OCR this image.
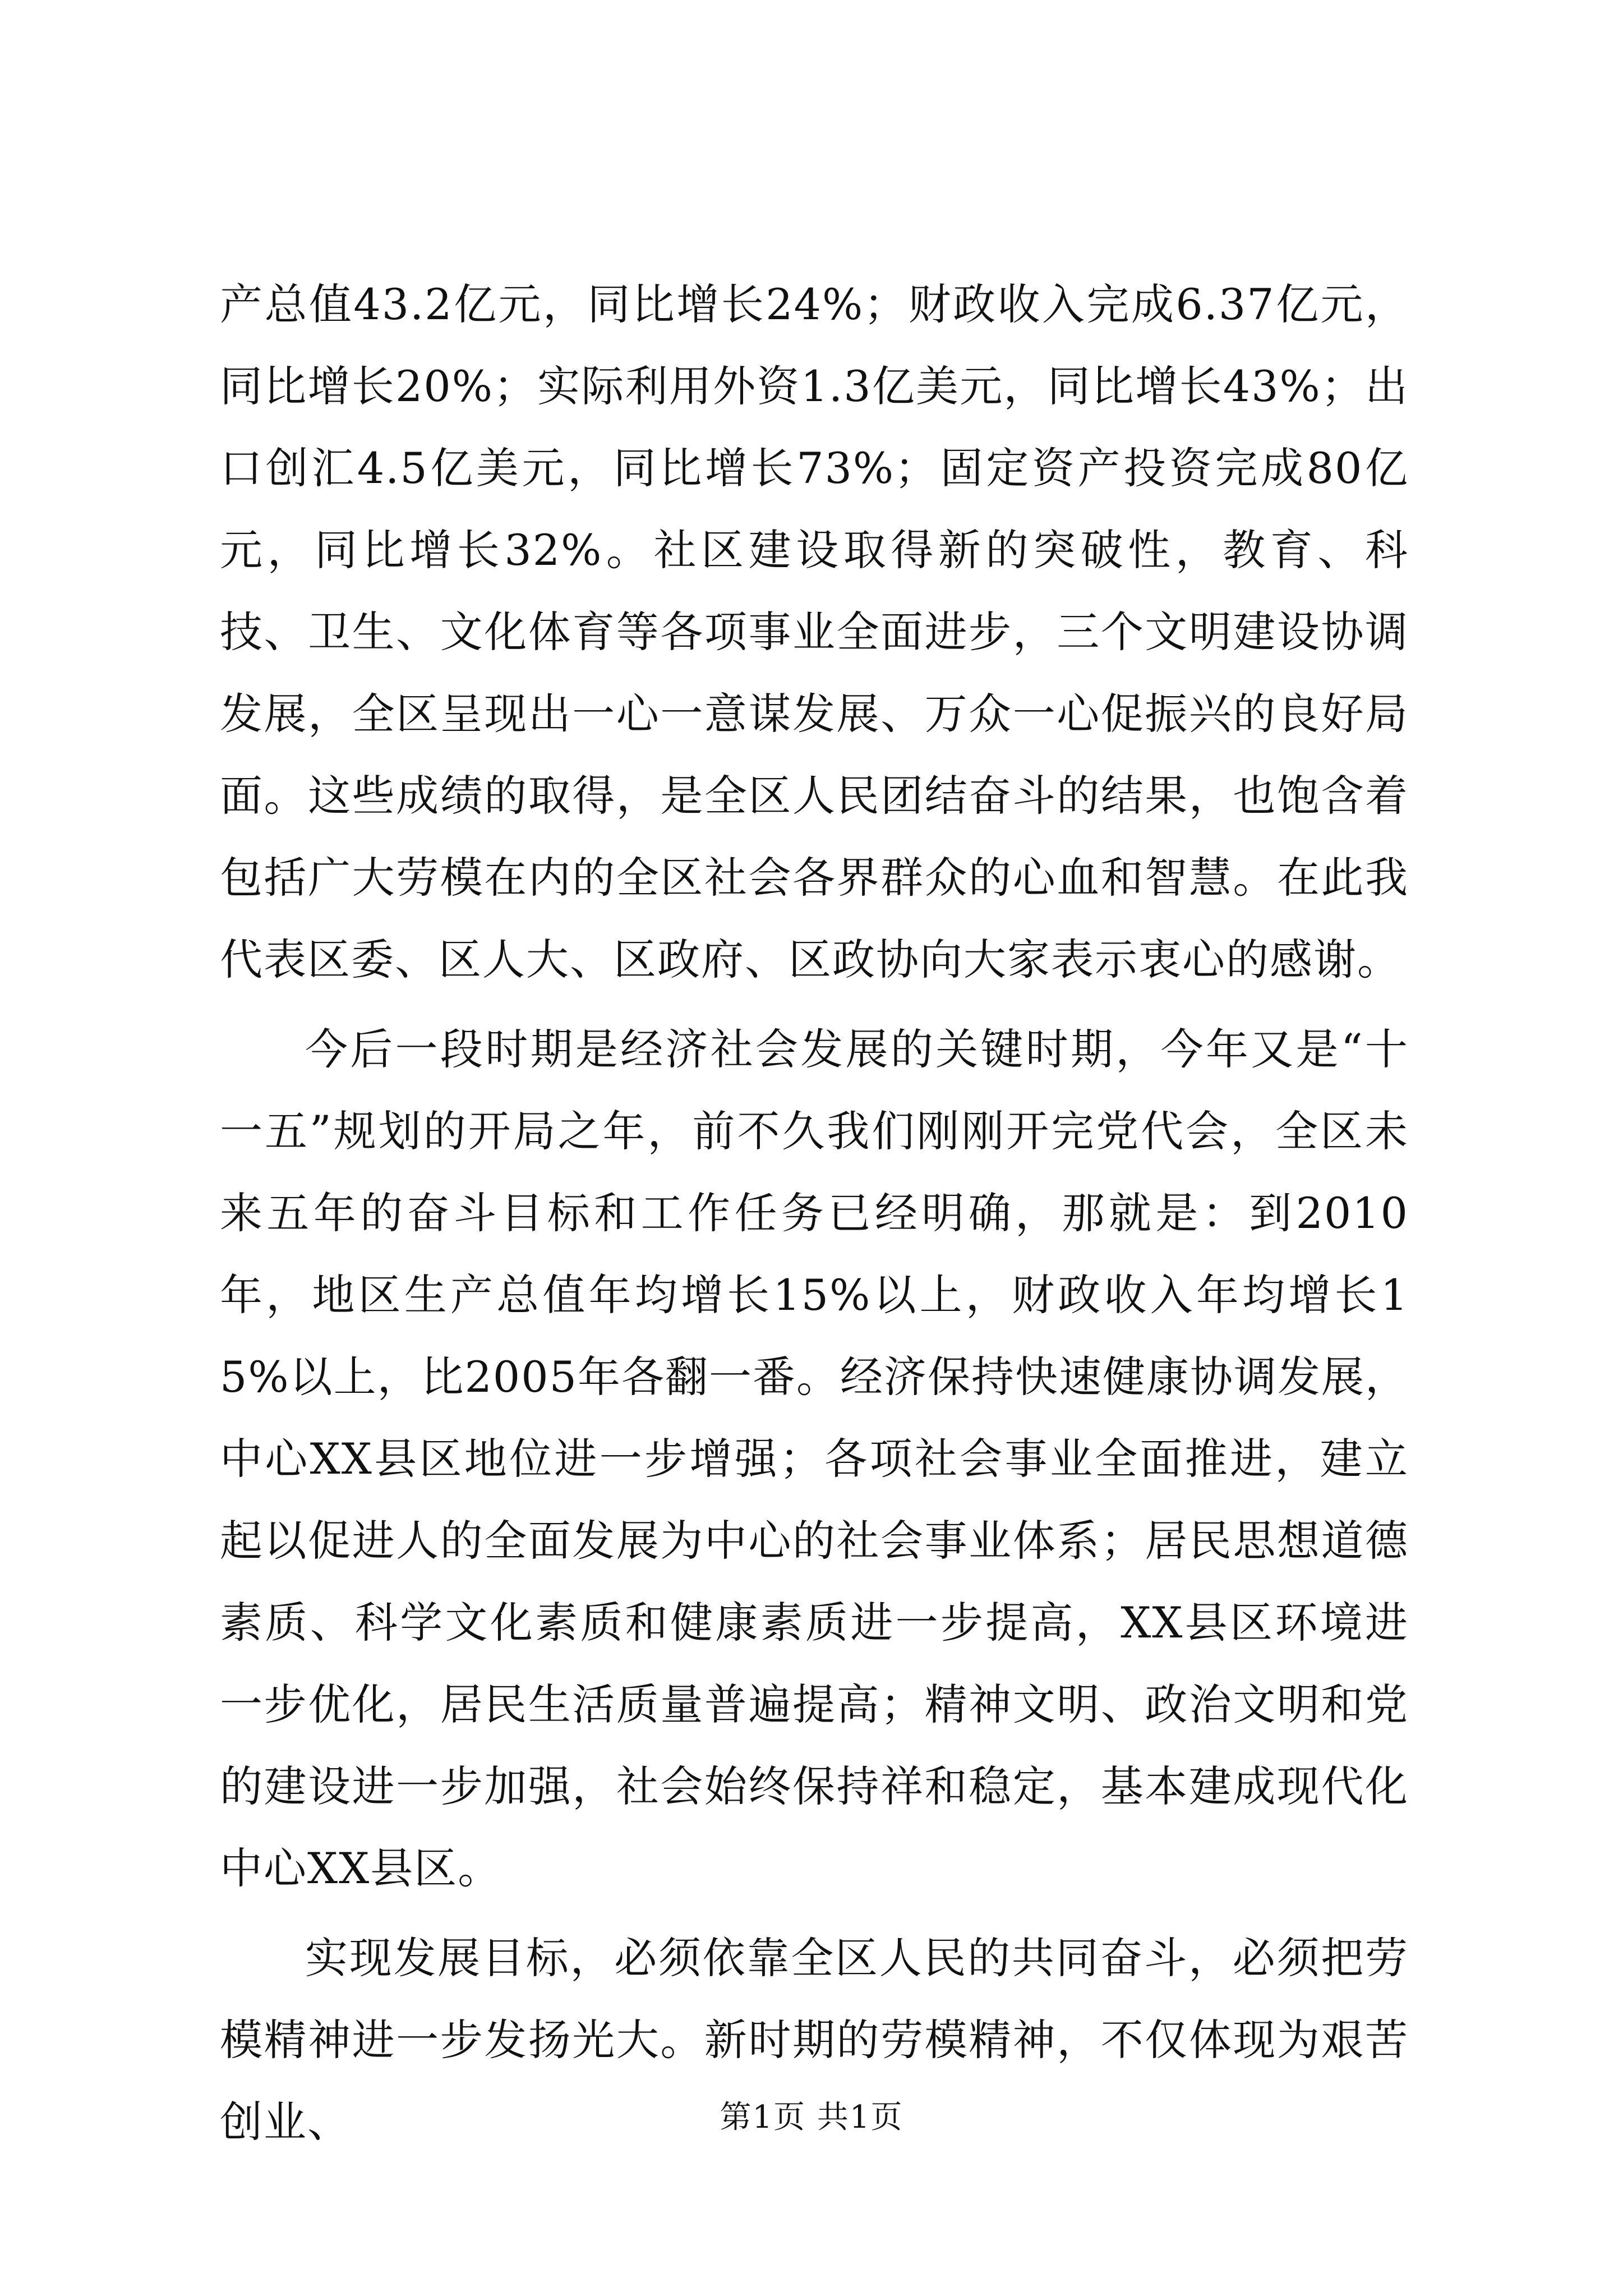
产总值43.2亿元，同比增长24%；财政收入完成6.37亿元，同比增长20%；实际利用外资1.3亿美元，同比增长43%；出口创汇4.5亿美元，同比增长73%；固定资产投资完成80亿元，同比增长32%。社区建设取得新的突破性，教育、科技、卫生、文化体育等各项事业全面进步，三个文明建设协调发展，全区呈现出一心一意谋发展、万众一心促振兴的良好局面。这些成绩的取得，是全区人民团结奋斗的结果，也饱含着包括广大劳模在内的全区社会各界群众的心血和智慧。在此我代表区委、区人大、区政府、区政协向大家表示衷心的感谢。

今后一段时期是经济社会发展的关键时期，今年又是“十一五”规划的开局之年，前不久我们刚刚开完党代会，全区未来五年的奋斗目标和工作任务已经明确，那就是：到2010年，地区生产总值年均增长15%以上，财政收入年均增长15%以上，比2005年各翻一番。经济保持快速健康协调发展，中心XX县区地位进一步增强；各项社会事业全面推进，建立起以促进人的全面发展为中心的社会事业体系；居民思想道德素质、科学文化素质和健康素质进一步提高，XX县区环境进一步优化，居民生活质量普遍提高；精神文明、政治文明和党的建设进一步加强，社会始终保持祥和稳定，基本建成现代化中心XX县区。

实现发展目标，必须依靠全区人民的共同奋斗，必须把劳模精神进一步发扬光大。新时期的劳模精神，不仅体现为艰苦创业、	第1页 共1页
